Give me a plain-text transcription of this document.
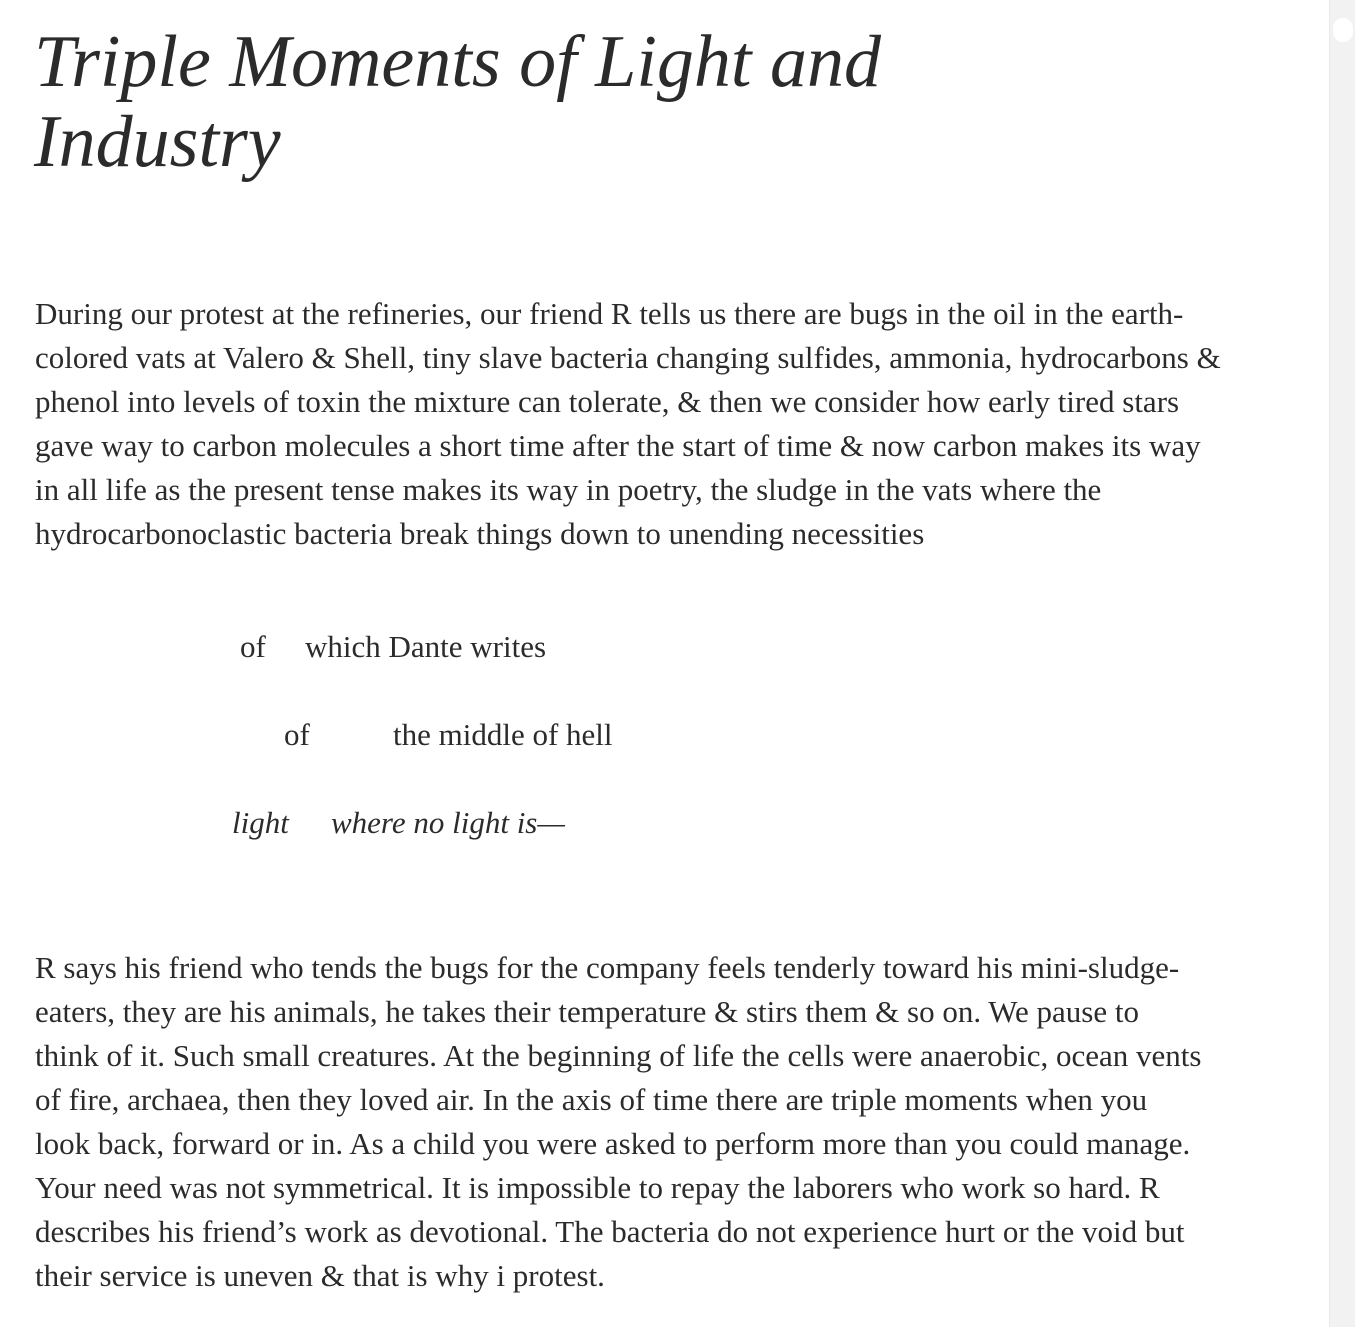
Triple Moments of Light and
Industry

During our protest at the refineries, our friend R tells us there are bugs in the oil in the earth-
colored vats at Valero & Shell, tiny slave bacteria changing sulfides, ammonia, hydrocarbons &
phenol into levels of toxin the mixture can tolerate, & then we consider how early tired stars
gave way to carbon molecules a short time after the start of time & now carbon makes its way
in all life as the present tense makes its way in poetry, the sludge in the vats where the
hydrocarbonoclastic bacteria break things down to unending necessities

of which Dante writes
of	the middle of hell
light where no light is—

R says his friend who tends the bugs for the company feels tenderly toward his mini-sludge-
eaters, they are his animals, he takes their temperature & stirs them & so on. We pause to
think of it. Such small creatures. At the beginning of life the cells were anaerobic, ocean vents
of fire, archaea, then they loved air. In the axis of time there are triple moments when you
look back, forward or in. As a child you were asked to perform more than you could manage.
Your need was not symmetrical. It is impossible to repay the laborers who work so hard. R
describes his friend’s work as devotional. The bacteria do not experience hurt or the void but
their service is uneven & that is why i protest.
